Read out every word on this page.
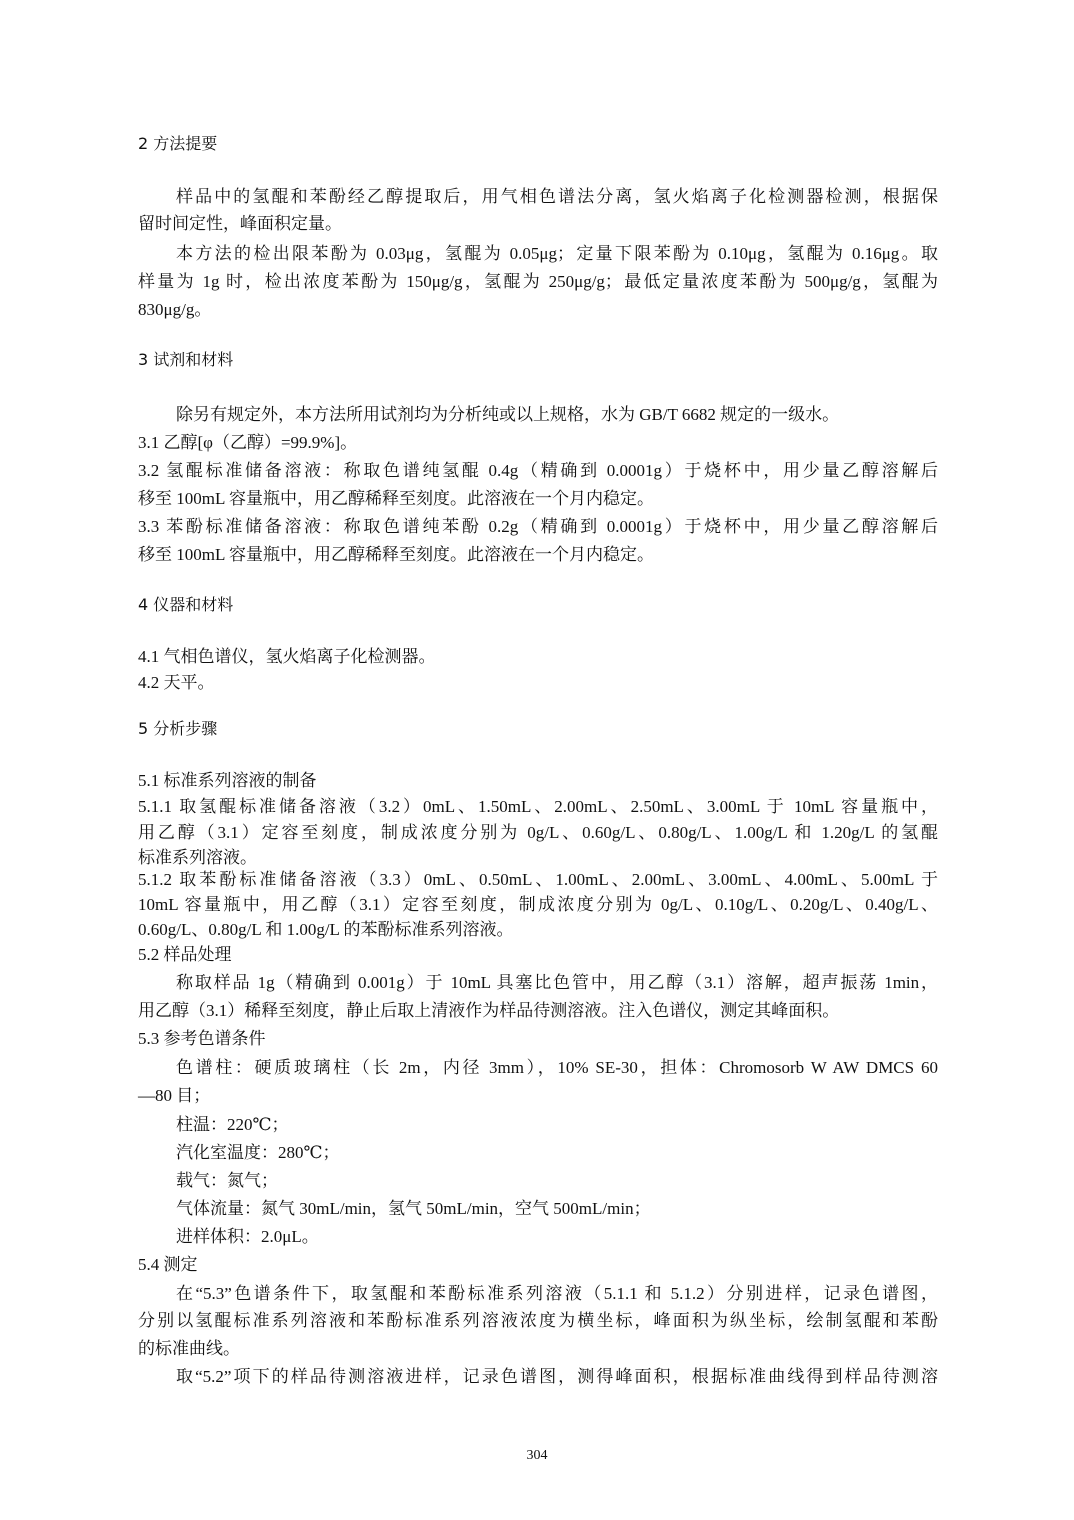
2 方法提要
样品中的氢醌和苯酚经乙醇提取后，用气相色谱法分离，氢火焰离子化检测器检测，根据保
留时间定性，峰面积定量。
本方法的检出限苯酚为 0.03μg，氢醌为 0.05μg；定量下限苯酚为 0.10μg，氢醌为 0.16μg。取
样量为 1g 时，检出浓度苯酚为 150μg/g，氢醌为 250μg/g；最低定量浓度苯酚为 500μg/g，氢醌为
830μg/g。
3 试剂和材料
除另有规定外，本方法所用试剂均为分析纯或以上规格，水为 GB/T 6682 规定的一级水。
3.1 乙醇[φ（乙醇）=99.9%]。
3.2 氢醌标准储备溶液：称取色谱纯氢醌 0.4g（精确到 0.0001g）于烧杯中，用少量乙醇溶解后
移至 100mL 容量瓶中，用乙醇稀释至刻度。此溶液在一个月内稳定。
3.3 苯酚标准储备溶液：称取色谱纯苯酚 0.2g（精确到 0.0001g）于烧杯中，用少量乙醇溶解后
移至 100mL 容量瓶中，用乙醇稀释至刻度。此溶液在一个月内稳定。
4 仪器和材料
4.1 气相色谱仪，氢火焰离子化检测器。
4.2 天平。
5 分析步骤
5.1 标准系列溶液的制备
5.1.1 取氢醌标准储备溶液（3.2）0mL、1.50mL、2.00mL、2.50mL、3.00mL 于 10mL 容量瓶中，
用乙醇（3.1）定容至刻度，制成浓度分别为 0g/L、0.60g/L、0.80g/L、1.00g/L 和 1.20g/L 的氢醌
标准系列溶液。
5.1.2 取苯酚标准储备溶液（3.3）0mL、0.50mL、1.00mL、2.00mL、3.00mL、4.00mL、5.00mL 于
10mL 容量瓶中，用乙醇（3.1）定容至刻度，制成浓度分别为 0g/L、0.10g/L、0.20g/L、0.40g/L、
0.60g/L、0.80g/L 和 1.00g/L 的苯酚标准系列溶液。
5.2 样品处理
称取样品 1g（精确到 0.001g）于 10mL 具塞比色管中，用乙醇（3.1）溶解，超声振荡 1min，
用乙醇（3.1）稀释至刻度，静止后取上清液作为样品待测溶液。注入色谱仪，测定其峰面积。
5.3 参考色谱条件
色谱柱：硬质玻璃柱（长 2m，内径 3mm），10% SE-30，担体：Chromosorb W AW DMCS 60
—80 目；
柱温：220℃；
汽化室温度：280℃；
载气：氮气；
气体流量：氮气 30mL/min，氢气 50mL/min，空气 500mL/min；
进样体积：2.0μL。
5.4 测定
在“5.3”色谱条件下，取氢醌和苯酚标准系列溶液（5.1.1 和 5.1.2）分别进样，记录色谱图，
分别以氢醌标准系列溶液和苯酚标准系列溶液浓度为横坐标，峰面积为纵坐标，绘制氢醌和苯酚
的标准曲线。
取“5.2”项下的样品待测溶液进样，记录色谱图，测得峰面积，根据标准曲线得到样品待测溶
304
